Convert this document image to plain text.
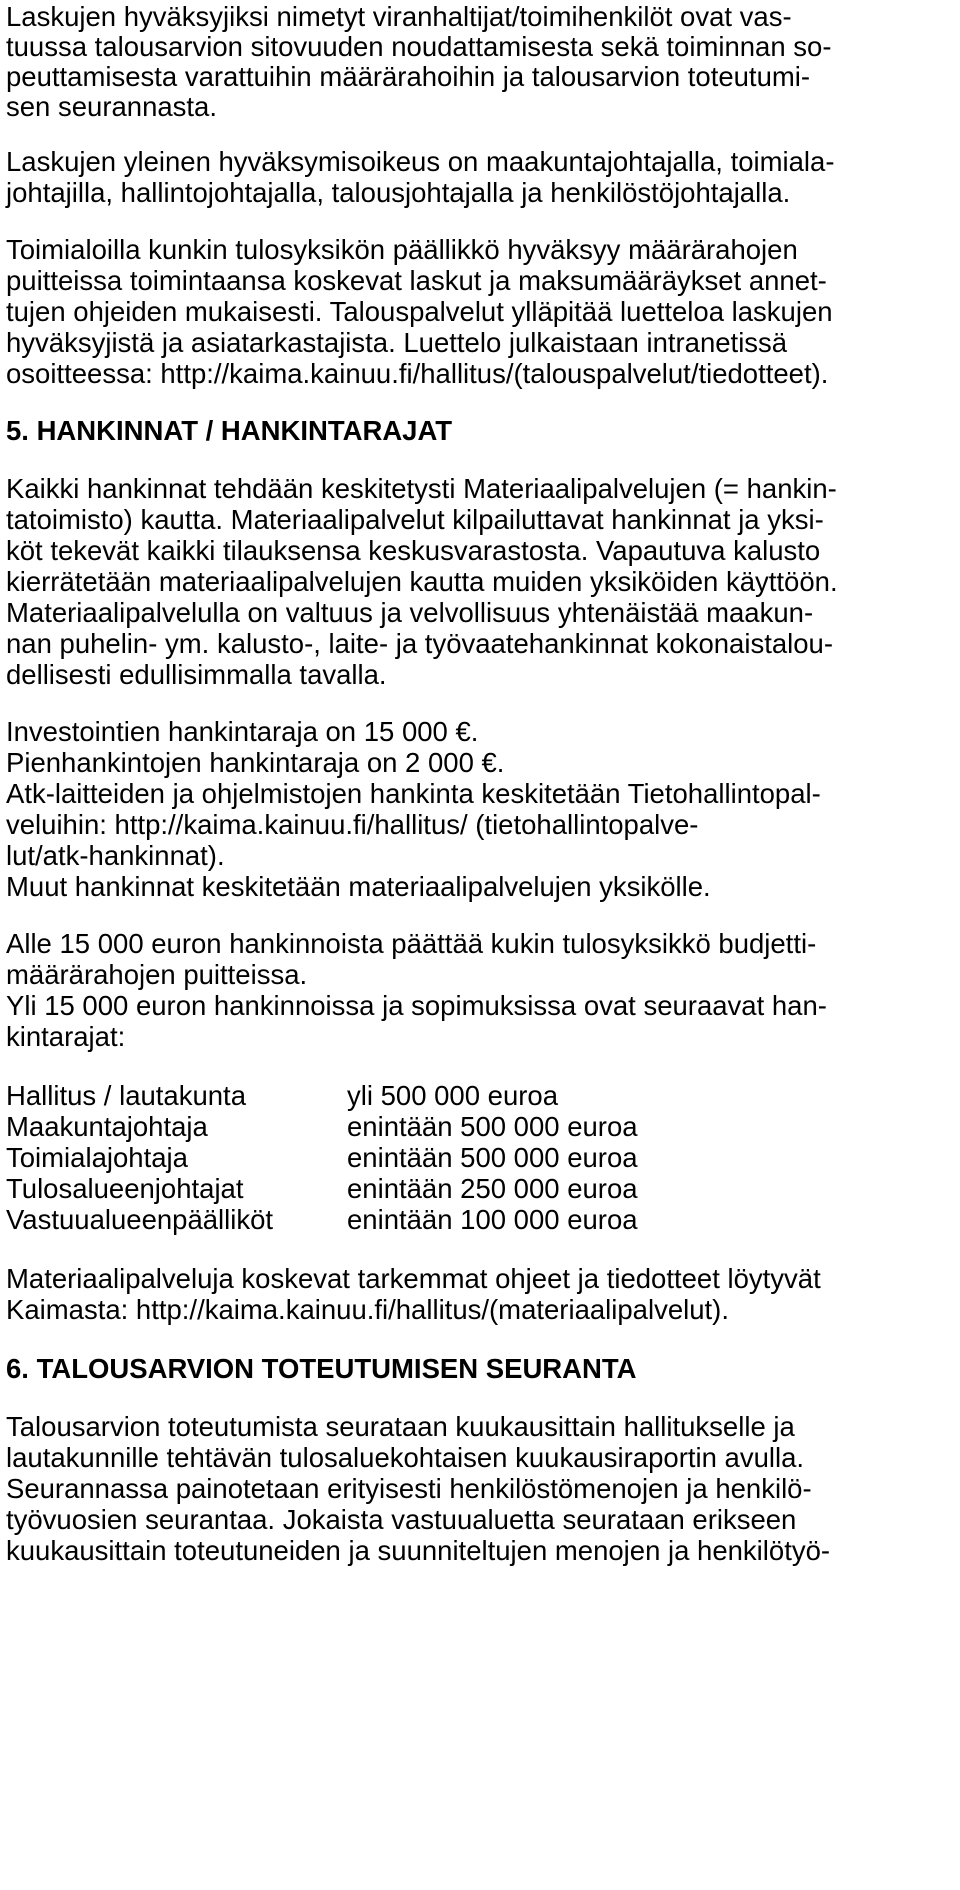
Laskujen hyväksyjiksi nimetyt viranhaltijat/toimihenkilöt ovat vas-
tuussa talousarvion sitovuuden noudattamisesta sekä toiminnan so-
peuttamisesta varattuihin määrärahoihin ja talousarvion toteutumi-
sen seurannasta.
Laskujen yleinen hyväksymisoikeus on maakuntajohtajalla, toimiala-
johtajilla, hallintojohtajalla, talousjohtajalla ja henkilöstöjohtajalla.
Toimialoilla kunkin tulosyksikön päällikkö hyväksyy määrärahojen
puitteissa toimintaansa koskevat laskut ja maksumääräykset annet-
tujen ohjeiden mukaisesti. Talouspalvelut ylläpitää luetteloa laskujen
hyväksyjistä ja asiatarkastajista. Luettelo julkaistaan intranetissä
osoitteessa: http://kaima.kainuu.fi/hallitus/(talouspalvelut/tiedotteet).
5. HANKINNAT / HANKINTARAJAT
Kaikki hankinnat tehdään keskitetysti Materiaalipalvelujen (= hankin-
tatoimisto) kautta. Materiaalipalvelut kilpailuttavat hankinnat ja yksi-
köt tekevät kaikki tilauksensa keskusvarastosta. Vapautuva kalusto
kierrätetään materiaalipalvelujen kautta muiden yksiköiden käyttöön.
Materiaalipalvelulla on valtuus ja velvollisuus yhtenäistää maakun-
nan puhelin- ym. kalusto-, laite- ja työvaatehankinnat kokonaistalou-
dellisesti edullisimmalla tavalla.
Investointien hankintaraja on 15 000 €.
Pienhankintojen hankintaraja on 2 000 €.
Atk-laitteiden ja ohjelmistojen hankinta keskitetään Tietohallintopal-
veluihin: http://kaima.kainuu.fi/hallitus/ (tietohallintopalve-
lut/atk-hankinnat).
Muut hankinnat keskitetään materiaalipalvelujen yksikölle.
Alle 15 000 euron hankinnoista päättää kukin tulosyksikkö budjetti-
määrärahojen puitteissa.
Yli 15 000 euron hankinnoissa ja sopimuksissa ovat seuraavat han-
kintarajat:
Hallitus / lautakunta	yli 500 000 euroa
Maakuntajohtaja	enintään 500 000 euroa
Toimialajohtaja	enintään 500 000 euroa
Tulosalueenjohtajat	enintään 250 000 euroa
Vastuualueenpäälliköt	enintään 100 000 euroa
Materiaalipalveluja koskevat tarkemmat ohjeet ja tiedotteet löytyvät
Kaimasta: http://kaima.kainuu.fi/hallitus/(materiaalipalvelut).
6. TALOUSARVION TOTEUTUMISEN SEURANTA
Talousarvion toteutumista seurataan kuukausittain hallitukselle ja
lautakunnille tehtävän tulosaluekohtaisen kuukausiraportin avulla.
Seurannassa painotetaan erityisesti henkilöstömenojen ja henkilö-
työvuosien seurantaa. Jokaista vastuualuetta seurataan erikseen
kuukausittain toteutuneiden ja suunniteltujen menojen ja henkilötyö-
